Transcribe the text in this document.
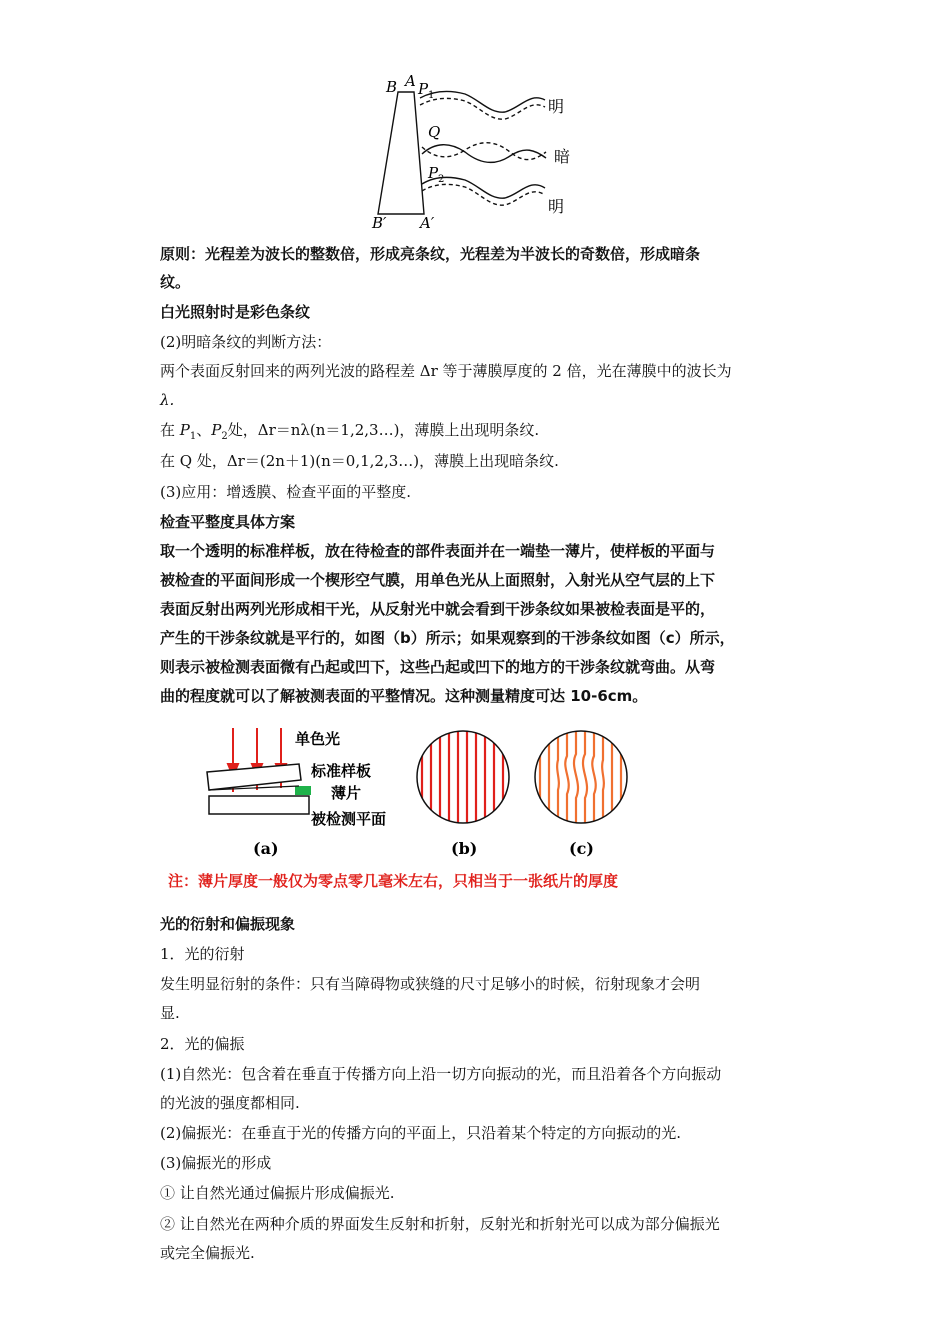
B A P 1
Q
P 2
B′ A′
明
暗
明
原则：光程差为波长的整数倍，形成亮条纹，光程差为半波长的奇数倍，形成暗条
纹。
白光照射时是彩色条纹
(2)明暗条纹的判断方法：
两个表面反射回来的两列光波的路程差 Δr 等于薄膜厚度的 2 倍，光在薄膜中的波长为
λ.
在 $P_1$、$P_2$处，Δr＝nλ(n＝1,2,3…)，薄膜上出现明条纹.
在 Q 处，Δr＝(2n＋1)(n＝0,1,2,3…)，薄膜上出现暗条纹.
(3)应用：增透膜、检查平面的平整度.
检查平整度具体方案
取一个透明的标准样板，放在待检查的部件表面并在一端垫一薄片，使样板的平面与
被检查的平面间形成一个楔形空气膜，用单色光从上面照射，入射光从空气层的上下
表面反射出两列光形成相干光，从反射光中就会看到干涉条纹如果被检表面是平的，
产生的干涉条纹就是平行的，如图（b）所示；如果观察到的干涉条纹如图（c）所示，
则表示被检测表面微有凸起或凹下，这些凸起或凹下的地方的干涉条纹就弯曲。从弯
曲的程度就可以了解被测表面的平整情况。这种测量精度可达 10-6cm。
单色光
标准样板
薄片
被检测平面
(a)	(b)	(c)
注：薄片厚度一般仅为零点零几毫米左右，只相当于一张纸片的厚度
光的衍射和偏振现象
1．光的衍射
发生明显衍射的条件：只有当障碍物或狭缝的尺寸足够小的时候，衍射现象才会明
显.
2．光的偏振
(1)自然光：包含着在垂直于传播方向上沿一切方向振动的光，而且沿着各个方向振动
的光波的强度都相同.
(2)偏振光：在垂直于光的传播方向的平面上，只沿着某个特定的方向振动的光.
(3)偏振光的形成
① 让自然光通过偏振片形成偏振光.
② 让自然光在两种介质的界面发生反射和折射，反射光和折射光可以成为部分偏振光
或完全偏振光.
